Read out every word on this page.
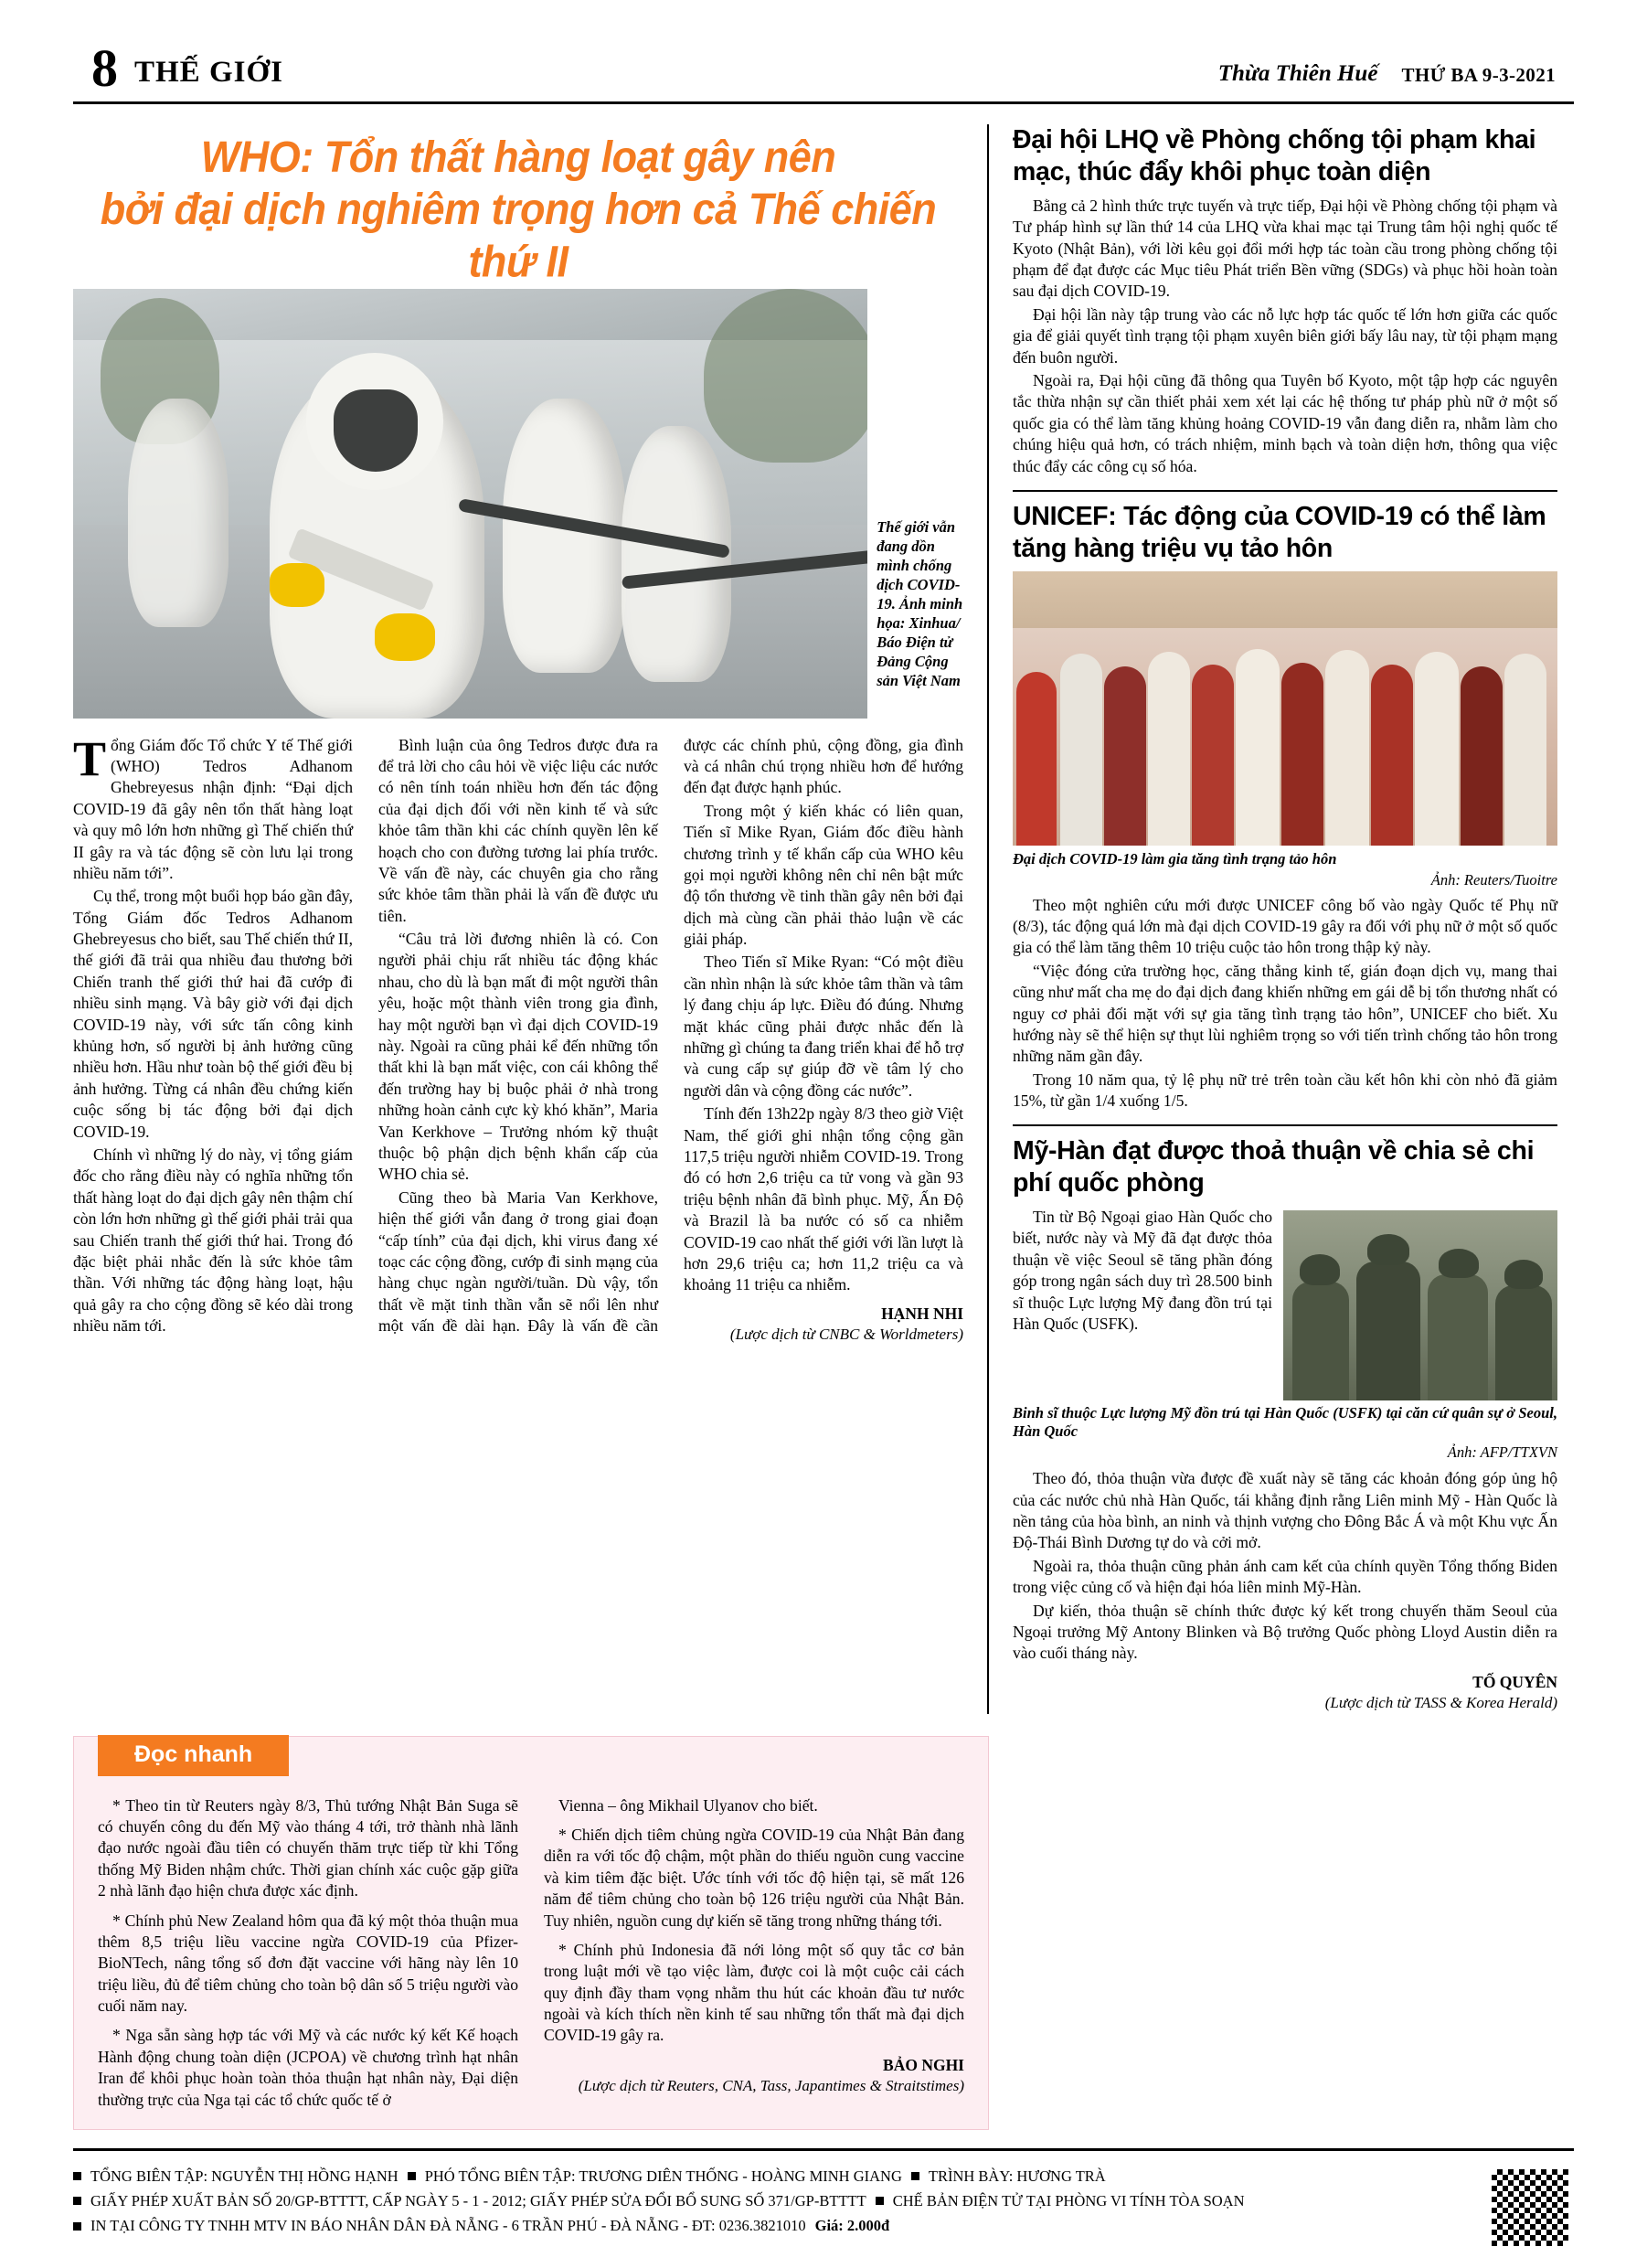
8 THẾ GIỚI	Thừa Thiên Huế THỨ BA 9-3-2021
WHO: Tổn thất hàng loạt gây nên
bởi đại dịch nghiêm trọng hơn cả Thế chiến thứ II
Thế giới vẫn đang dồn mình chống dịch COVID-19. Ảnh minh họa: Xinhua/ Báo Điện tử Đảng Cộng sản Việt Nam

Tổng Giám đốc Tổ chức Y tế Thế giới (WHO) Tedros Adhanom Ghebreyesus nhận định: “Đại dịch COVID-19 đã gây nên tổn thất hàng loạt và quy mô lớn hơn những gì Thế chiến thứ II gây ra và tác động sẽ còn lưu lại trong nhiều năm tới”.

Cụ thể, trong một buổi họp báo gần đây, Tổng Giám đốc Tedros Adhanom Ghebreyesus cho biết, sau Thế chiến thứ II, thế giới đã trải qua nhiều đau thương bởi Chiến tranh thế giới thứ hai đã cướp đi nhiều sinh mạng. Và bây giờ với đại dịch COVID-19 này, với sức tấn công kinh khủng hơn, số người bị ảnh hưởng cũng nhiều hơn. Hầu như toàn bộ thế giới đều bị ảnh hưởng. Từng cá nhân đều chứng kiến cuộc sống bị tác động bởi đại dịch COVID-19.

Chính vì những lý do này, vị tổng giám đốc cho rằng điều này có nghĩa những tổn thất hàng loạt do đại dịch gây nên thậm chí còn lớn hơn những gì thế giới phải trải qua sau Chiến tranh thế giới thứ hai. Trong đó đặc biệt phải nhắc đến là sức khỏe tâm thần. Với những tác động hàng loạt, hậu quả gây ra cho cộng đồng sẽ kéo dài trong nhiều năm tới.

Bình luận của ông Tedros được đưa ra để trả lời cho câu hỏi về việc liệu các nước có nên tính toán nhiều hơn đến tác động của đại dịch đối với nền kinh tế và sức khỏe tâm thần khi các chính quyền lên kế hoạch cho con đường tương lai phía trước. Về vấn đề này, các chuyên gia cho rằng sức khỏe tâm thần phải là vấn đề được ưu tiên.

“Câu trả lời đương nhiên là có. Con người phải chịu rất nhiều tác động khác nhau, cho dù là bạn mất đi một người thân yêu, hoặc một thành viên trong gia đình, hay một người bạn vì đại dịch COVID-19 này. Ngoài ra cũng phải kể đến những tổn thất khi là bạn mất việc, con cái không thể đến trường hay bị buộc phải ở nhà trong những hoàn cảnh cực kỳ khó khăn”, Maria Van Kerkhove – Trưởng nhóm kỹ thuật thuộc bộ phận dịch bệnh khẩn cấp của WHO chia sẻ.

Cũng theo bà Maria Van Kerkhove, hiện thế giới vẫn đang ở trong giai đoạn “cấp tính” của đại dịch, khi virus đang xé toạc các cộng đồng, cướp đi sinh mạng của hàng chục ngàn người/tuần. Dù vậy, tổn thất về mặt tinh thần vẫn sẽ nổi lên như một vấn đề dài hạn. Đây là vấn đề cần được các chính phủ, cộng đồng, gia đình và cá nhân chú trọng nhiều hơn để hướng đến đạt được hạnh phúc.

Trong một ý kiến khác có liên quan, Tiến sĩ Mike Ryan, Giám đốc điều hành chương trình y tế khẩn cấp của WHO kêu gọi mọi người không nên chỉ nên bật mức độ tổn thương về tinh thần gây nên bởi đại dịch mà cùng cần phải thảo luận về các giải pháp.

Theo Tiến sĩ Mike Ryan: “Có một điều cần nhìn nhận là sức khỏe tâm thần và tâm lý đang chịu áp lực. Điều đó đúng. Nhưng mặt khác cũng phải được nhắc đến là những gì chúng ta đang triển khai để hỗ trợ và cung cấp sự giúp đỡ về tâm lý cho người dân và cộng đồng các nước”.

Tính đến 13h22p ngày 8/3 theo giờ Việt Nam, thế giới ghi nhận tổng cộng gần 117,5 triệu người nhiễm COVID-19. Trong đó có hơn 2,6 triệu ca tử vong và gần 93 triệu bệnh nhân đã bình phục. Mỹ, Ấn Độ và Brazil là ba nước có số ca nhiễm COVID-19 cao nhất thế giới với lần lượt là hơn 29,6 triệu ca; hơn 11,2 triệu ca và khoảng 11 triệu ca nhiễm.

HẠNH NHI
(Lược dịch từ CNBC & Worldmeters)
Đại hội LHQ về Phòng chống tội phạm khai mạc, thúc đẩy khôi phục toàn diện

Bằng cả 2 hình thức trực tuyến và trực tiếp, Đại hội về Phòng chống tội phạm và Tư pháp hình sự lần thứ 14 của LHQ vừa khai mạc tại Trung tâm hội nghị quốc tế Kyoto (Nhật Bản), với lời kêu gọi đổi mới hợp tác toàn cầu trong phòng chống tội phạm để đạt được các Mục tiêu Phát triển Bền vững (SDGs) và phục hồi hoàn toàn sau đại dịch COVID-19.

Đại hội lần này tập trung vào các nỗ lực hợp tác quốc tế lớn hơn giữa các quốc gia để giải quyết tình trạng tội phạm xuyên biên giới bấy lâu nay, từ tội phạm mạng đến buôn người.

Ngoài ra, Đại hội cũng đã thông qua Tuyên bố Kyoto, một tập hợp các nguyên tắc thừa nhận sự cần thiết phải xem xét lại các hệ thống tư pháp phù nữ ở một số quốc gia có thể làm tăng khủng hoảng COVID-19 vẫn đang diễn ra, nhằm làm cho chúng hiệu quả hơn, có trách nhiệm, minh bạch và toàn diện hơn, thông qua việc thúc đẩy các công cụ số hóa.

UNICEF: Tác động của COVID-19 có thể làm tăng hàng triệu vụ tảo hôn
Đại dịch COVID-19 làm gia tăng tình trạng tảo hôn
Ảnh: Reuters/Tuoitre

Theo một nghiên cứu mới được UNICEF công bố vào ngày Quốc tế Phụ nữ (8/3), tác động quá lớn mà đại dịch COVID-19 gây ra đối với phụ nữ ở một số quốc gia có thể làm tăng thêm 10 triệu cuộc tảo hôn trong thập kỷ này.

“Việc đóng cửa trường học, căng thẳng kinh tế, gián đoạn dịch vụ, mang thai cũng như mất cha mẹ do đại dịch đang khiến những em gái dễ bị tổn thương nhất có nguy cơ phải đối mặt với sự gia tăng tình trạng tảo hôn”, UNICEF cho biết. Xu hướng này sẽ thể hiện sự thụt lùi nghiêm trọng so với tiến trình chống tảo hôn trong những năm gần đây.

Trong 10 năm qua, tỷ lệ phụ nữ trẻ trên toàn cầu kết hôn khi còn nhỏ đã giảm 15%, từ gần 1/4 xuống 1/5.

Mỹ-Hàn đạt được thoả thuận về chia sẻ chi phí quốc phòng

Tin từ Bộ Ngoại giao Hàn Quốc cho biết, nước này và Mỹ đã đạt được thỏa thuận về việc Seoul sẽ tăng phần đóng góp trong ngân sách duy trì 28.500 binh sĩ thuộc Lực lượng Mỹ đang đồn trú tại Hàn Quốc (USFK).

Binh sĩ thuộc Lực lượng Mỹ đồn trú tại Hàn Quốc (USFK) tại căn cứ quân sự ở Seoul, Hàn Quốc
Ảnh: AFP/TTXVN

Theo đó, thỏa thuận vừa được đề xuất này sẽ tăng các khoản đóng góp ủng hộ của các nước chủ nhà Hàn Quốc, tái khẳng định rằng Liên minh Mỹ - Hàn Quốc là nền tảng của hòa bình, an ninh và thịnh vượng cho Đông Bắc Á và một Khu vực Ấn Độ-Thái Bình Dương tự do và cởi mở.

Ngoài ra, thỏa thuận cũng phản ánh cam kết của chính quyền Tổng thống Biden trong việc củng cố và hiện đại hóa liên minh Mỹ-Hàn.

Dự kiến, thỏa thuận sẽ chính thức được ký kết trong chuyến thăm Seoul của Ngoại trưởng Mỹ Antony Blinken và Bộ trưởng Quốc phòng Lloyd Austin diễn ra vào cuối tháng này.

TỐ QUYÊN
(Lược dịch từ TASS & Korea Herald)
Đọc nhanh

* Theo tin từ Reuters ngày 8/3, Thủ tướng Nhật Bản Suga sẽ có chuyến công du đến Mỹ vào tháng 4 tới, trở thành nhà lãnh đạo nước ngoài đầu tiên có chuyến thăm trực tiếp từ khi Tổng thống Mỹ Biden nhậm chức. Thời gian chính xác cuộc gặp giữa 2 nhà lãnh đạo hiện chưa được xác định.

* Chính phủ New Zealand hôm qua đã ký một thỏa thuận mua thêm 8,5 triệu liều vaccine ngừa COVID-19 của Pfizer-BioNTech, nâng tổng số đơn đặt vaccine với hãng này lên 10 triệu liều, đủ để tiêm chủng cho toàn bộ dân số 5 triệu người vào cuối năm nay.

* Nga sẵn sàng hợp tác với Mỹ và các nước ký kết Kế hoạch Hành động chung toàn diện (JCPOA) về chương trình hạt nhân Iran để khôi phục hoàn toàn thỏa thuận hạt nhân này, Đại diện thường trực của Nga tại các tổ chức quốc tế ở

Vienna – ông Mikhail Ulyanov cho biết.

* Chiến dịch tiêm chủng ngừa COVID-19 của Nhật Bản đang diễn ra với tốc độ chậm, một phần do thiếu nguồn cung vaccine và kim tiêm đặc biệt. Ước tính với tốc độ hiện tại, sẽ mất 126 năm để tiêm chủng cho toàn bộ 126 triệu người của Nhật Bản. Tuy nhiên, nguồn cung dự kiến sẽ tăng trong những tháng tới.

* Chính phủ Indonesia đã nới lỏng một số quy tắc cơ bản trong luật mới về tạo việc làm, được coi là một cuộc cải cách quy định đầy tham vọng nhằm thu hút các khoản đầu tư nước ngoài và kích thích nền kinh tế sau những tổn thất mà đại dịch COVID-19 gây ra.

BẢO NGHI
(Lược dịch từ Reuters, CNA, Tass, Japantimes & Straitstimes)
TỔNG BIÊN TẬP: NGUYỄN THỊ HỒNG HẠNH PHÓ TỔNG BIÊN TẬP: TRƯƠNG DIÊN THỐNG - HOÀNG MINH GIANG TRÌNH BÀY: HƯƠNG TRÀ
GIẤY PHÉP XUẤT BẢN SỐ 20/GP-BTTTT, CẤP NGÀY 5 - 1 - 2012; GIẤY PHÉP SỬA ĐỔI BỔ SUNG SỐ 371/GP-BTTTT CHẾ BẢN ĐIỆN TỬ TẠI PHÒNG VI TÍNH TÒA SOẠN
IN TẠI CÔNG TY TNHH MTV IN BÁO NHÂN DÂN ĐÀ NẴNG - 6 TRẦN PHÚ - ĐÀ NẴNG - ĐT: 0236.3821010 Giá: 2.000đ
